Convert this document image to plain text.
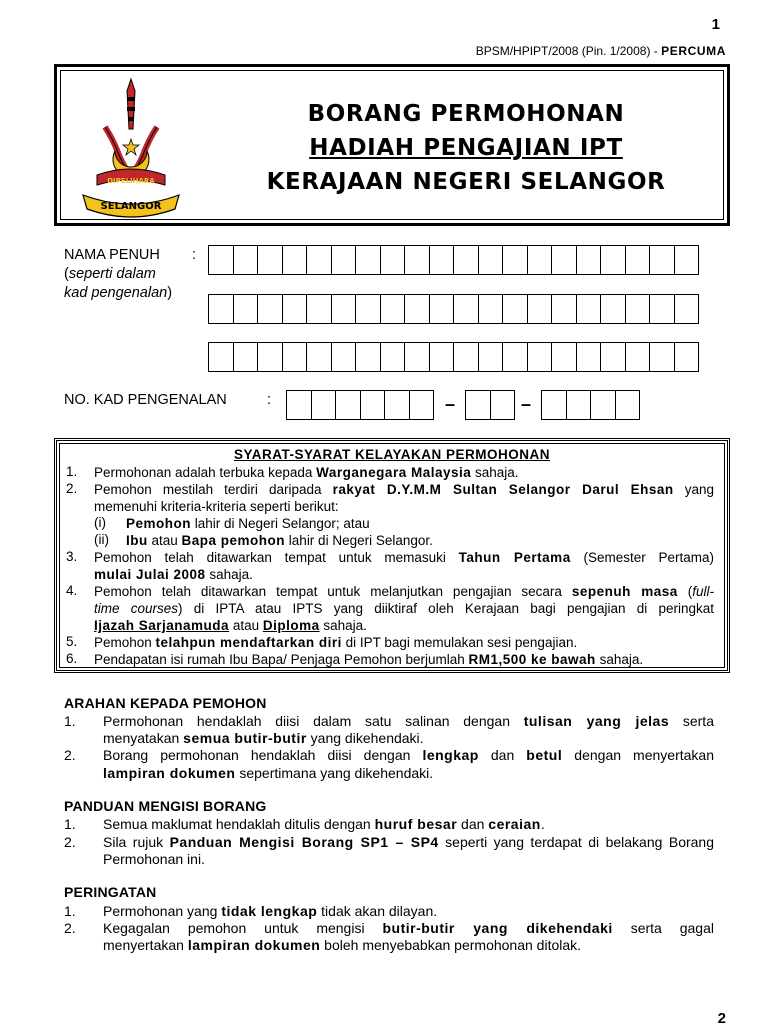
1
BPSM/HPIPT/2008 (Pin. 1/2008) - PERCUMA
DIPELIHARA
SELANGOR
BORANG PERMOHONAN
HADIAH PENGAJIAN IPT
KERAJAAN NEGERI SELANGOR
NAMA PENUH :
(seperti dalam
kad pengenalan)
NO. KAD PENGENALAN	:	–	–
SYARAT-SYARAT KELAYAKAN PERMOHONAN
1. Permohonan adalah terbuka kepada Warganegara Malaysia sahaja.
2. Pemohon mestilah terdiri daripada rakyat D.Y.M.M Sultan Selangor Darul Ehsan yang
memenuhi kriteria-kriteria seperti berikut:
(i) Pemohon lahir di Negeri Selangor; atau
(ii) Ibu atau Bapa pemohon lahir di Negeri Selangor.
3. Pemohon telah ditawarkan tempat untuk memasuki Tahun Pertama (Semester Pertama)
mulai Julai 2008 sahaja.
4. Pemohon telah ditawarkan tempat untuk melanjutkan pengajian secara sepenuh masa (full-
time courses) di IPTA atau IPTS yang diiktiraf oleh Kerajaan bagi pengajian di peringkat
Ijazah Sarjanamuda atau Diploma sahaja.
5. Pemohon telahpun mendaftarkan diri di IPT bagi memulakan sesi pengajian.
6. Pendapatan isi rumah Ibu Bapa/ Penjaga Pemohon berjumlah RM1,500 ke bawah sahaja.
ARAHAN KEPADA PEMOHON
1. Permohonan hendaklah diisi dalam satu salinan dengan tulisan yang jelas serta
menyatakan semua butir-butir yang dikehendaki.
2. Borang permohonan hendaklah diisi dengan lengkap dan betul dengan menyertakan
lampiran dokumen sepertimana yang dikehendaki.
PANDUAN MENGISI BORANG
1. Semua maklumat hendaklah ditulis dengan huruf besar dan ceraian.
2. Sila rujuk Panduan Mengisi Borang SP1 – SP4 seperti yang terdapat di belakang Borang
Permohonan ini.
PERINGATAN
1. Permohonan yang tidak lengkap tidak akan dilayan.
2. Kegagalan pemohon untuk mengisi butir-butir yang dikehendaki serta gagal
menyertakan lampiran dokumen boleh menyebabkan permohonan ditolak.
2
